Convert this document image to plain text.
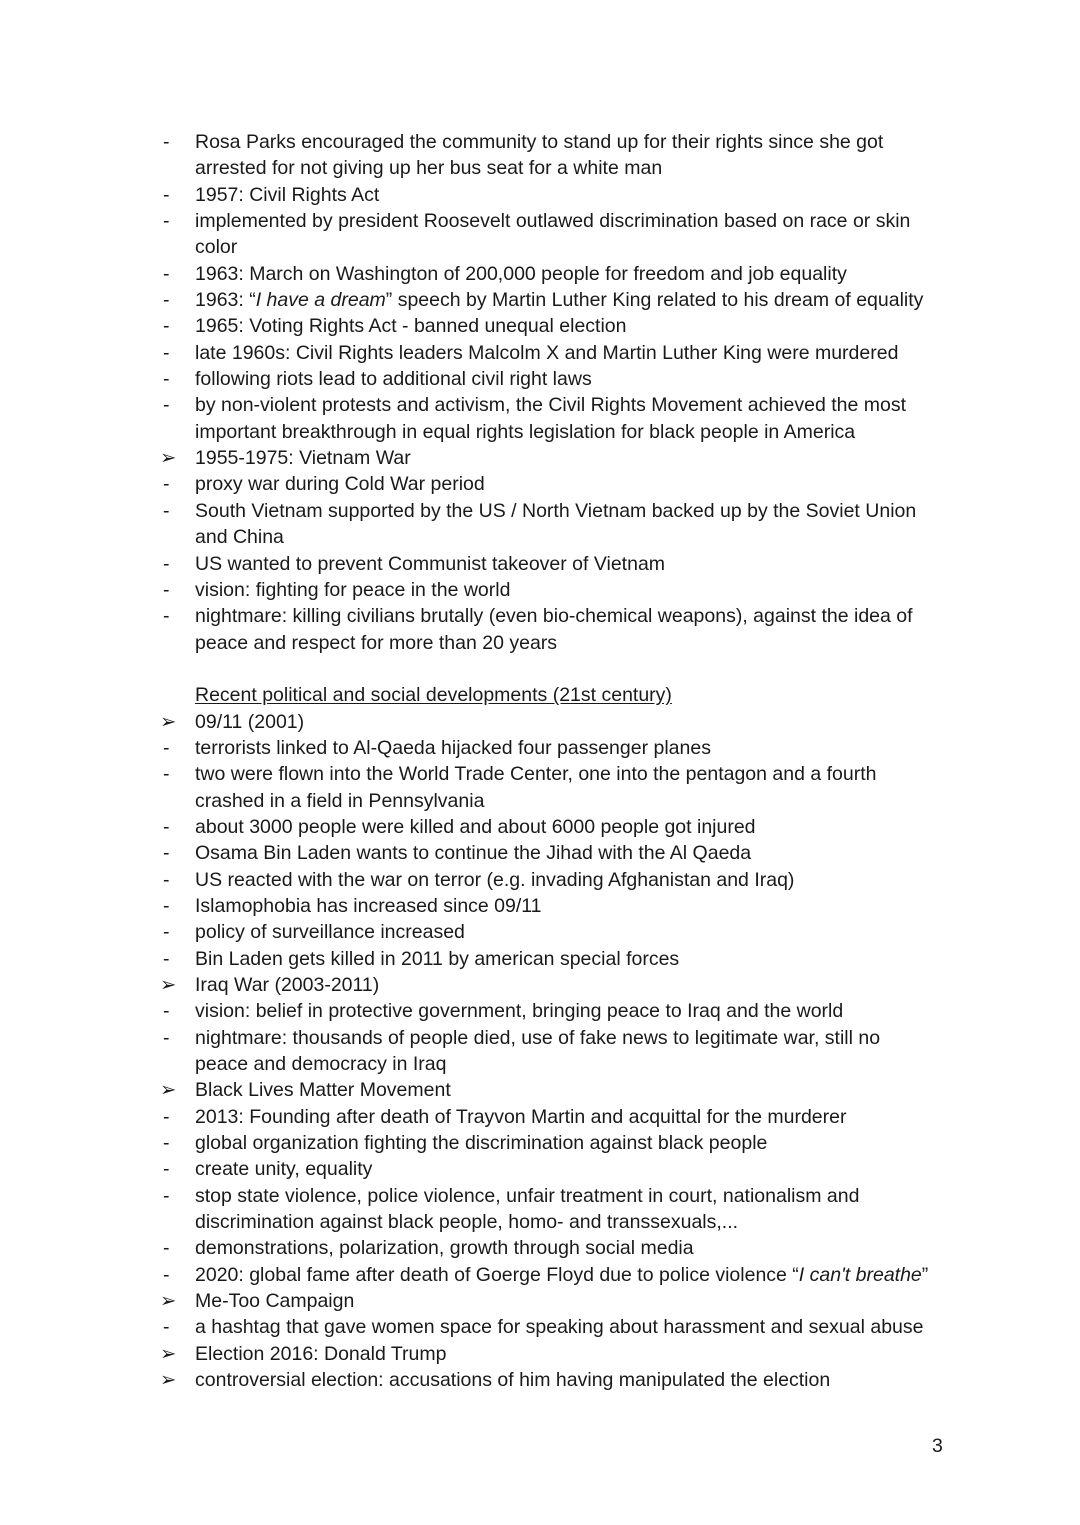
-	Rosa Parks encouraged the community to stand up for their rights since she got
arrested for not giving up her bus seat for a white man
-	1957: Civil Rights Act
-	implemented by president Roosevelt outlawed discrimination based on race or skin
color
-	1963: March on Washington of 200,000 people for freedom and job equality
-	1963: “I have a dream” speech by Martin Luther King related to his dream of equality
-	1965: Voting Rights Act - banned unequal election
-	late 1960s: Civil Rights leaders Malcolm X and Martin Luther King were murdered
-	following riots lead to additional civil right laws
-	by non-violent protests and activism, the Civil Rights Movement achieved the most
important breakthrough in equal rights legislation for black people in America
➢ 1955-1975: Vietnam War
-	proxy war during Cold War period
-	South Vietnam supported by the US / North Vietnam backed up by the Soviet Union
and China
-	US wanted to prevent Communist takeover of Vietnam
-	vision: fighting for peace in the world
-	nightmare: killing civilians brutally (even bio-chemical weapons), against the idea of
peace and respect for more than 20 years
Recent political and social developments (21st century)
➢ 09/11 (2001)
-	terrorists linked to Al-Qaeda hijacked four passenger planes
-	two were flown into the World Trade Center, one into the pentagon and a fourth
crashed in a field in Pennsylvania
-	about 3000 people were killed and about 6000 people got injured
-	Osama Bin Laden wants to continue the Jihad with the Al Qaeda
-	US reacted with the war on terror (e.g. invading Afghanistan and Iraq)
-	Islamophobia has increased since 09/11
-	policy of surveillance increased
-	Bin Laden gets killed in 2011 by american special forces
➢ Iraq War (2003-2011)
-	vision: belief in protective government, bringing peace to Iraq and the world
-	nightmare: thousands of people died, use of fake news to legitimate war, still no
peace and democracy in Iraq
➢ Black Lives Matter Movement
-	2013: Founding after death of Trayvon Martin and acquittal for the murderer
-	global organization fighting the discrimination against black people
-	create unity, equality
-	stop state violence, police violence, unfair treatment in court, nationalism and
discrimination against black people, homo- and transsexuals,...
-	demonstrations, polarization, growth through social media
-	2020: global fame after death of Goerge Floyd due to police violence “I can't breathe”
➢ Me-Too Campaign
-	a hashtag that gave women space for speaking about harassment and sexual abuse
➢ Election 2016: Donald Trump
➢ controversial election: accusations of him having manipulated the election
3
